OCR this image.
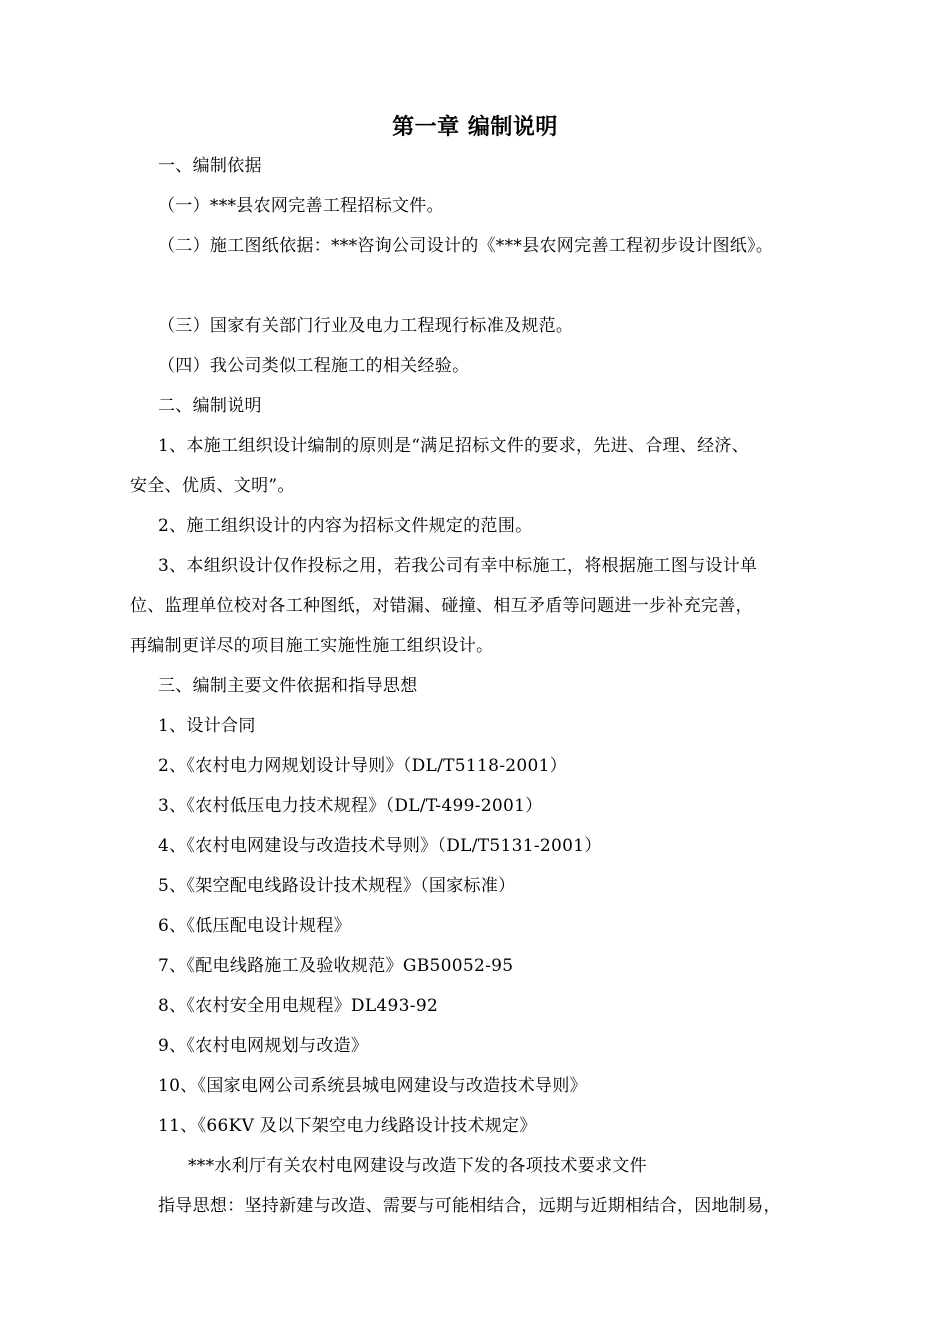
第一章 编制说明
一、编制依据
（一）***县农网完善工程招标文件。
（二）施工图纸依据：***咨询公司设计的《***县农网完善工程初步设计图纸》。
（三）国家有关部门行业及电力工程现行标准及规范。
（四）我公司类似工程施工的相关经验。
二、编制说明
1、本施工组织设计编制的原则是“满足招标文件的要求，先进、合理、经济、
安全、优质、文明”。
2、施工组织设计的内容为招标文件规定的范围。
3、本组织设计仅作投标之用，若我公司有幸中标施工，将根据施工图与设计单
位、监理单位校对各工种图纸，对错漏、碰撞、相互矛盾等问题进一步补充完善，
再编制更详尽的项目施工实施性施工组织设计。
三、编制主要文件依据和指导思想
1、设计合同
2、《农村电力网规划设计导则》（DL/T5118-2001）
3、《农村低压电力技术规程》（DL/T-499-2001）
4、《农村电网建设与改造技术导则》（DL/T5131-2001）
5、《架空配电线路设计技术规程》（国家标准）
6、《低压配电设计规程》
7、《配电线路施工及验收规范》GB50052-95
8、《农村安全用电规程》DL493-92
9、《农村电网规划与改造》
10、《国家电网公司系统县城电网建设与改造技术导则》
11、《66KV 及以下架空电力线路设计技术规定》
***水利厅有关农村电网建设与改造下发的各项技术要求文件
指导思想：坚持新建与改造、需要与可能相结合，远期与近期相结合，因地制易，
